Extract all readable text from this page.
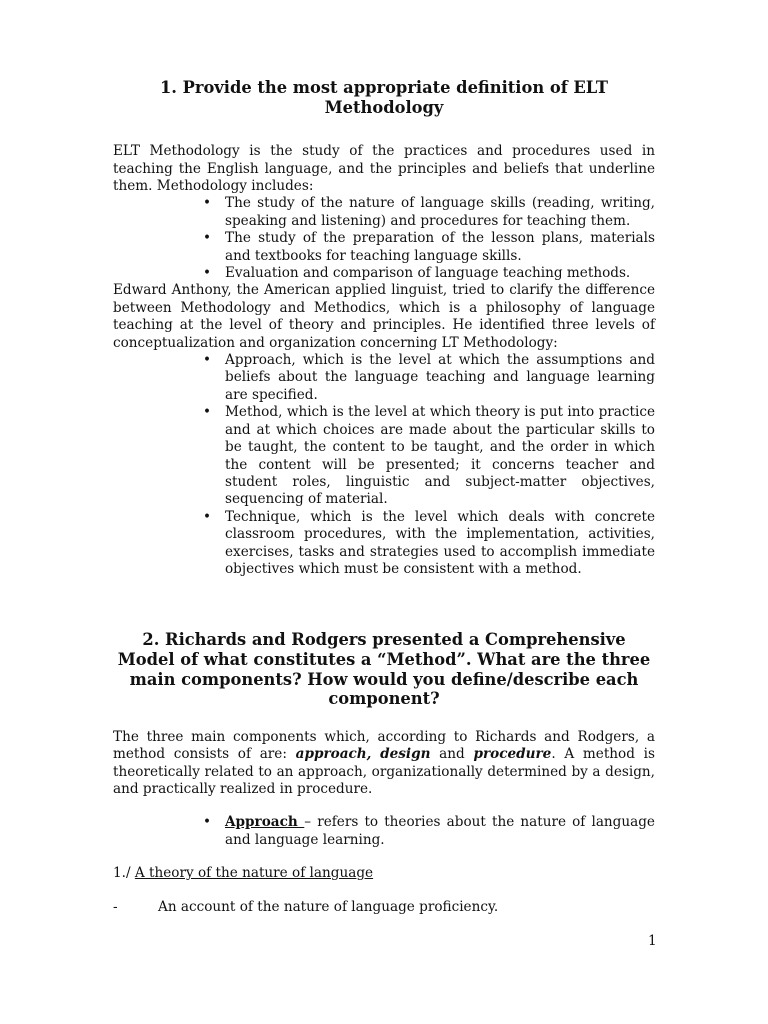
1. Provide the most appropriate definition of ELT Methodology

ELT Methodology is the study of the practices and procedures used in teaching the English language, and the principles and beliefs that underline them. Methodology includes:

• The study of the nature of language skills (reading, writing, speaking and listening) and procedures for teaching them.
• The study of the preparation of the lesson plans, materials and textbooks for teaching language skills.
• Evaluation and comparison of language teaching methods.

Edward Anthony, the American applied linguist, tried to clarify the difference between Methodology and Methodics, which is a philosophy of language teaching at the level of theory and principles. He identified three levels of conceptualization and organization concerning LT Methodology:

• Approach, which is the level at which the assumptions and beliefs about the language teaching and language learning are specified.
• Method, which is the level at which theory is put into practice and at which choices are made about the particular skills to be taught, the content to be taught, and the order in which the content will be presented; it concerns teacher and student roles, linguistic and subject-matter objectives, sequencing of material.
• Technique, which is the level which deals with concrete classroom procedures, with the implementation, activities, exercises, tasks and strategies used to accomplish immediate objectives which must be consistent with a method.
2. Richards and Rodgers presented a Comprehensive Model of what constitutes a “Method”. What are the three main components? How would you define/describe each component?

The three main components which, according to Richards and Rodgers, a method consists of are: approach, design and procedure. A method is theoretically related to an approach, organizationally determined by a design, and practically realized in procedure.

• Approach – refers to theories about the nature of language and language learning.

1./ A theory of the nature of language

-	An account of the nature of language proficiency.

1
